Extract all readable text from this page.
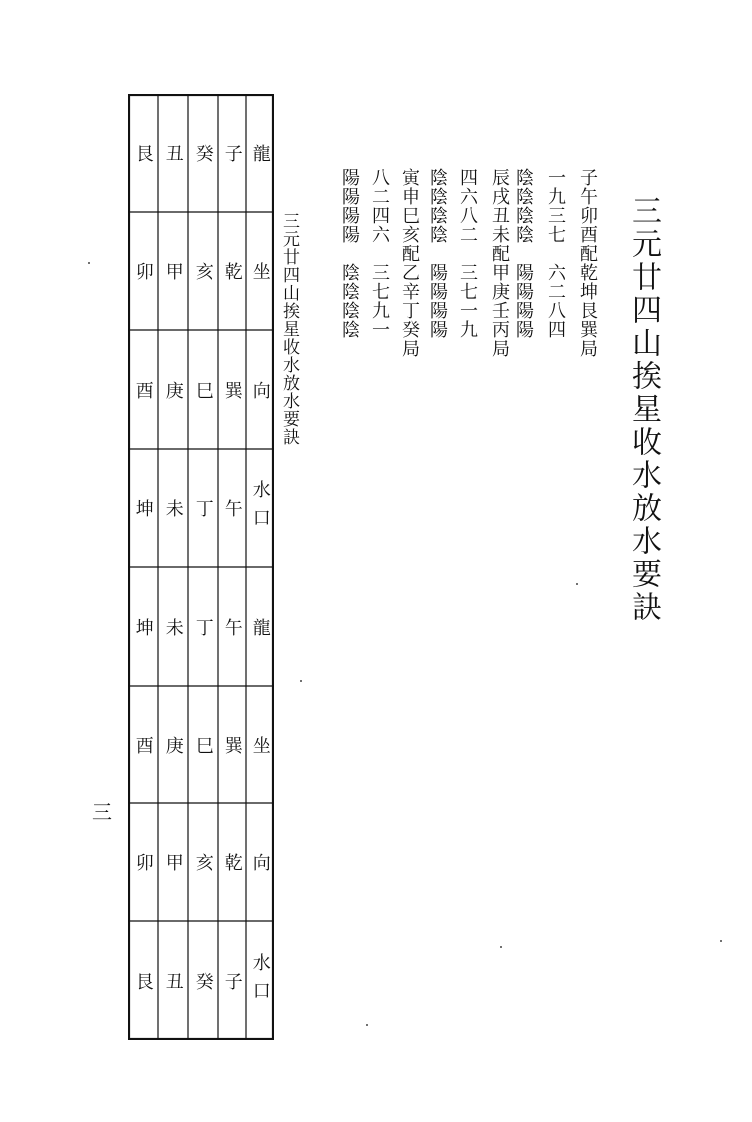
三元廿四山挨星收水放水要訣
子午卯酉配乾坤艮巽局
一九三七　六二八四
陰陰陰陰　陽陽陽陽
辰戌丑未配甲庚壬丙局
四六八二　三七一九
陰陰陰陰　陽陽陽陽
寅申巳亥配乙辛丁癸局
八二四六　三七九一
陽陽陽陽　陰陰陰陰
三元廿四山挨星收水放水要訣
龍
坐
向
水口
龍
坐
向
水口
子
乾
巽
午
午
巽
乾
子
癸
亥
巳
丁
丁
巳
亥
癸
丑
甲
庚
未
未
庚
甲
丑
艮
卯
酉
坤
坤
酉
卯
艮
三
